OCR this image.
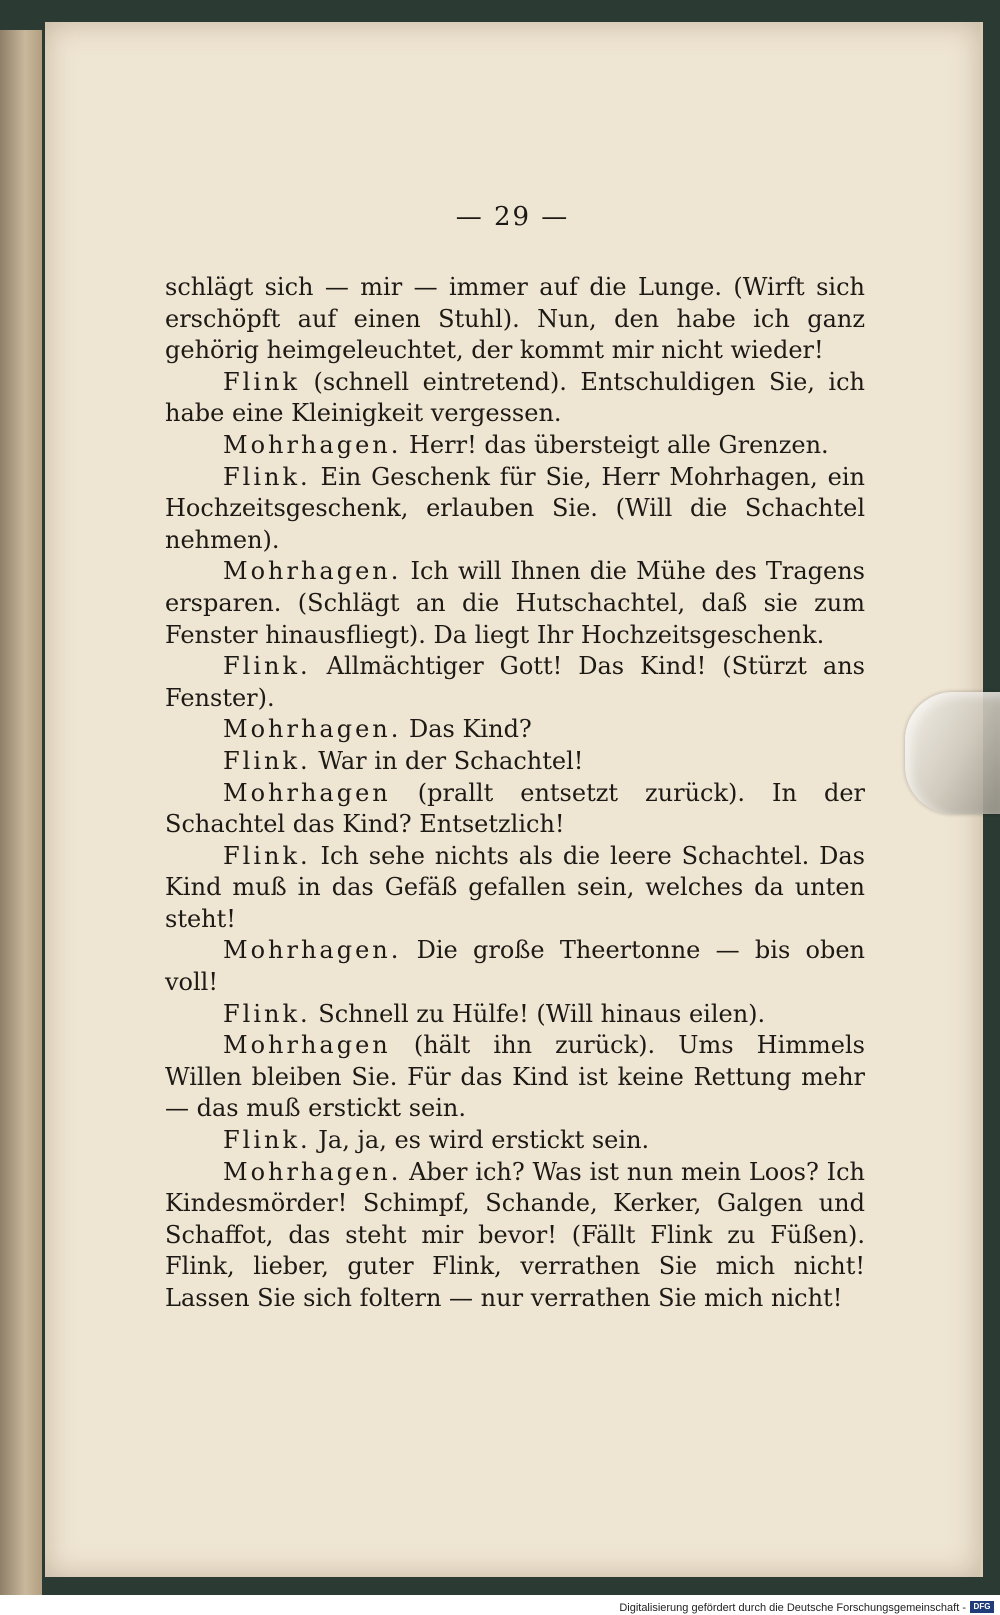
— 29 —

schlägt sich — mir — immer auf die Lunge. (Wirft sich erschöpft auf einen Stuhl). Nun, den habe ich ganz gehörig heimgeleuchtet, der kommt mir nicht wieder!

Flink (schnell eintretend). Entschuldigen Sie, ich habe eine Kleinigkeit vergessen.

Mohrhagen. Herr! das übersteigt alle Grenzen.

Flink. Ein Geschenk für Sie, Herr Mohrhagen, ein Hochzeitsgeschenk, erlauben Sie. (Will die Schachtel nehmen).

Mohrhagen. Ich will Ihnen die Mühe des Tragens ersparen. (Schlägt an die Hutschachtel, daß sie zum Fenster hinausfliegt). Da liegt Ihr Hochzeitsgeschenk.

Flink. Allmächtiger Gott! Das Kind! (Stürzt ans Fenster).

Mohrhagen. Das Kind?

Flink. War in der Schachtel!

Mohrhagen (prallt entsetzt zurück). In der Schachtel das Kind? Entsetzlich!

Flink. Ich sehe nichts als die leere Schachtel. Das Kind muß in das Gefäß gefallen sein, welches da unten steht!

Mohrhagen. Die große Theertonne — bis oben voll!

Flink. Schnell zu Hülfe! (Will hinaus eilen).

Mohrhagen (hält ihn zurück). Ums Himmels Willen bleiben Sie. Für das Kind ist keine Rettung mehr — das muß erstickt sein.

Flink. Ja, ja, es wird erstickt sein.

Mohrhagen. Aber ich? Was ist nun mein Loos? Ich Kindesmörder! Schimpf, Schande, Kerker, Galgen und Schaffot, das steht mir bevor! (Fällt Flink zu Füßen). Flink, lieber, guter Flink, verrathen Sie mich nicht! Lassen Sie sich foltern — nur verrathen Sie mich nicht!

Digitalisierung gefördert durch die Deutsche Forschungsgemeinschaft - DFG
